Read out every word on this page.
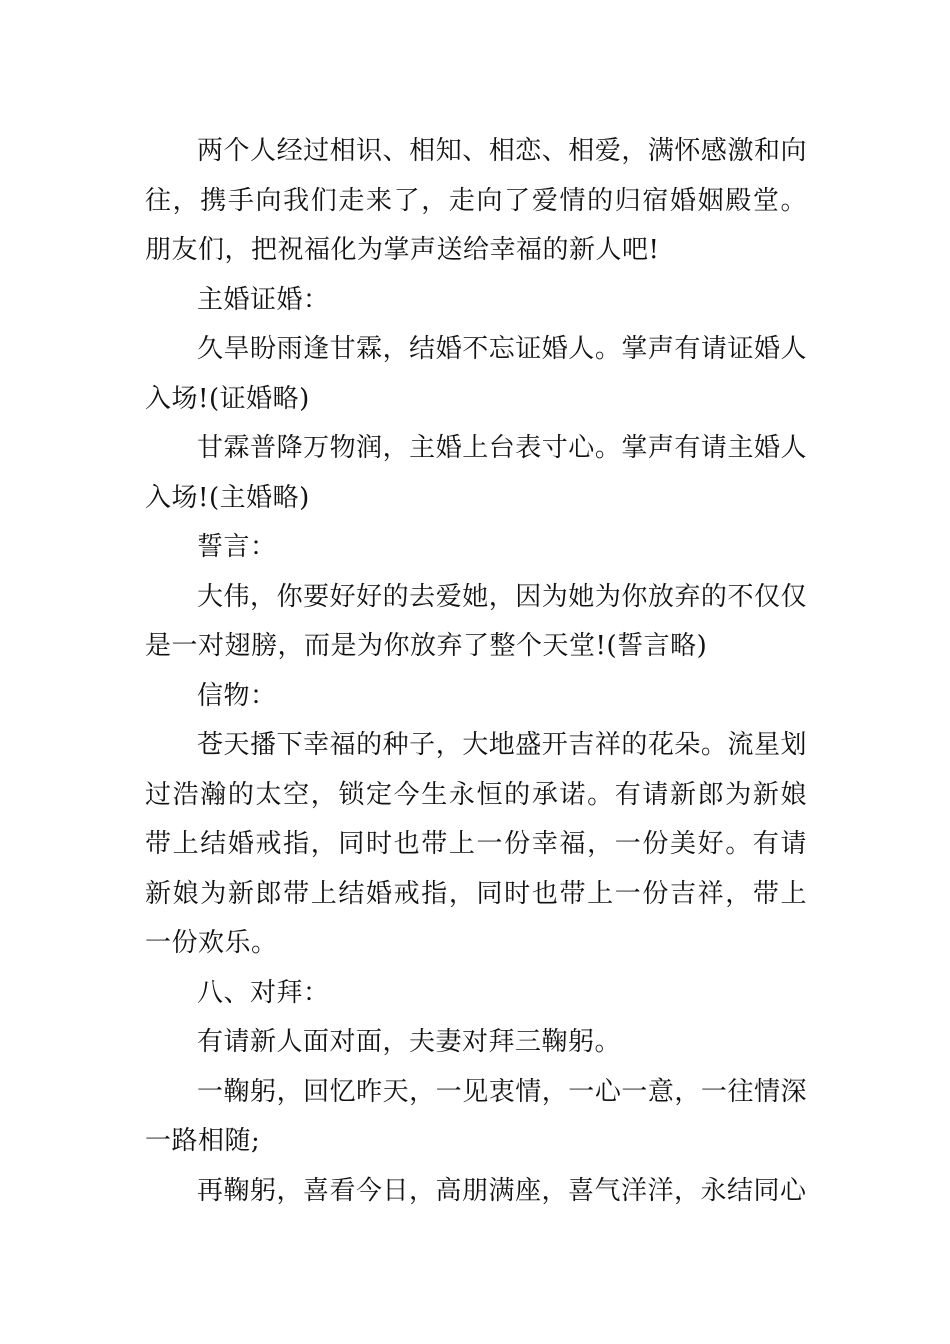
两个人经过相识、相知、相恋、相爱，满怀感激和向往，携手向我们走来了，走向了爱情的归宿婚姻殿堂。朋友们，把祝福化为掌声送给幸福的新人吧!

主婚证婚：

久旱盼雨逢甘霖，结婚不忘证婚人。掌声有请证婚人入场!(证婚略)

甘霖普降万物润，主婚上台表寸心。掌声有请主婚人入场!(主婚略)

誓言：

大伟，你要好好的去爱她，因为她为你放弃的不仅仅是一对翅膀，而是为你放弃了整个天堂!(誓言略)

信物：

苍天播下幸福的种子，大地盛开吉祥的花朵。流星划过浩瀚的太空，锁定今生永恒的承诺。有请新郎为新娘带上结婚戒指，同时也带上一份幸福，一份美好。有请新娘为新郎带上结婚戒指，同时也带上一份吉祥，带上一份欢乐。

八、对拜：

有请新人面对面，夫妻对拜三鞠躬。

一鞠躬，回忆昨天，一见衷情，一心一意，一往情深一路相随;

再鞠躬，喜看今日，高朋满座，喜气洋洋，永结同心
